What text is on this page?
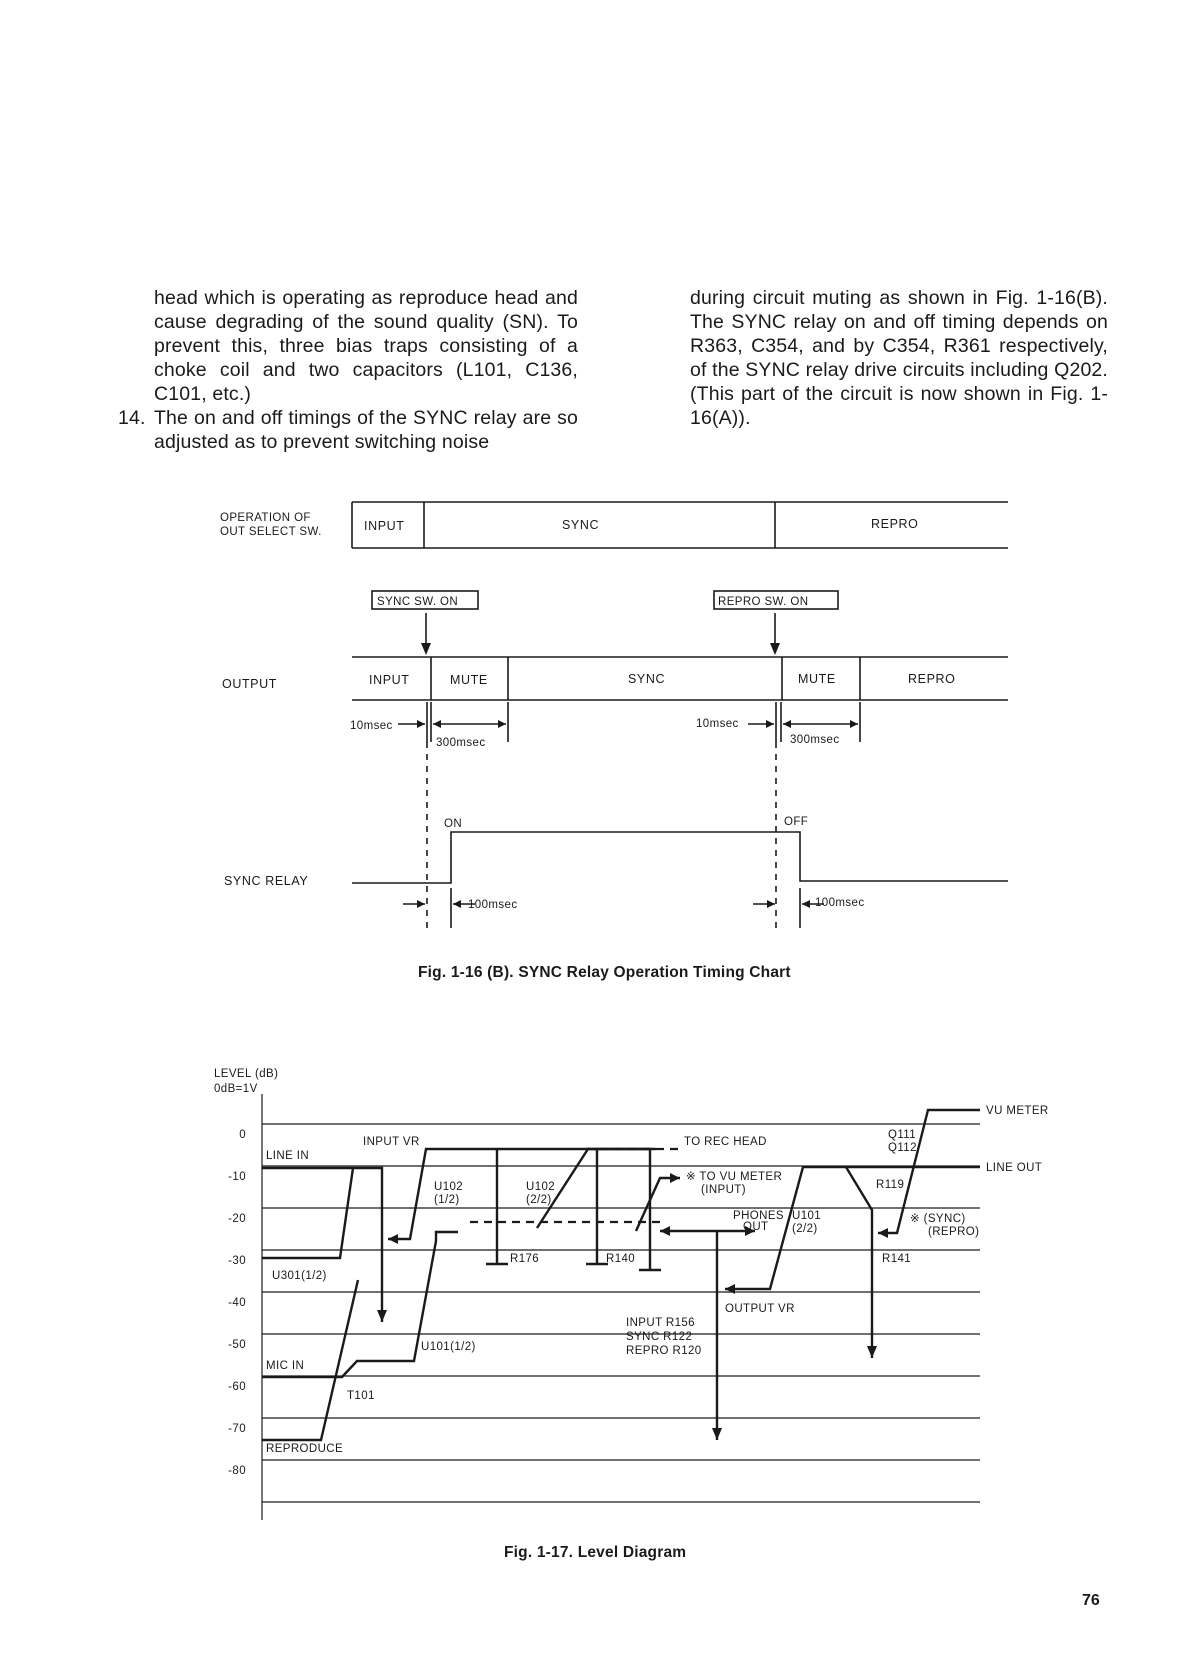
head which is operating as reproduce head and cause degrading of the sound quality (SN). To prevent this, three bias traps consisting of a choke coil and two capacitors (L101, C136, C101, etc.)

14. The on and off timings of the SYNC relay are so adjusted as to prevent switching noise

during circuit muting as shown in Fig. 1-16(B). The SYNC relay on and off timing depends on R363, C354, and by C354, R361 respectively, of the SYNC relay drive circuits including Q202. (This part of the circuit is now shown in Fig. 1-16(A)).

OPERATION OF
OUT SELECT SW.	INPUT	SYNC	REPRO
SYNC SW. ON	REPRO SW. ON
OUTPUT	INPUT	MUTE	SYNC	MUTE	REPRO
10msec
300msec
10msec
300msec
ON	OFF
SYNC RELAY
100msec	100msec
Fig. 1-16 (B). SYNC Relay Operation Timing Chart
LEVEL (dB)
0dB=1V
0
-10
-20
-30
-40
-50
-60
-70
-80
LINE IN
MIC IN
REPRODUCE
VU METER
LINE OUT
INPUT VR	TO REC HEAD
Q111
Q112
U102
(1/2)
U102
(2/2)
※ TO VU METER
(INPUT)	R119
PHONES
OUT
U101
(2/2)
※ (SYNC)
(REPRO)
U301(1/2)
R176	R140	R141
OUTPUT VR
INPUT R156
SYNC R122
REPRO R120
U101(1/2)
T101
Fig. 1-17. Level Diagram
76
